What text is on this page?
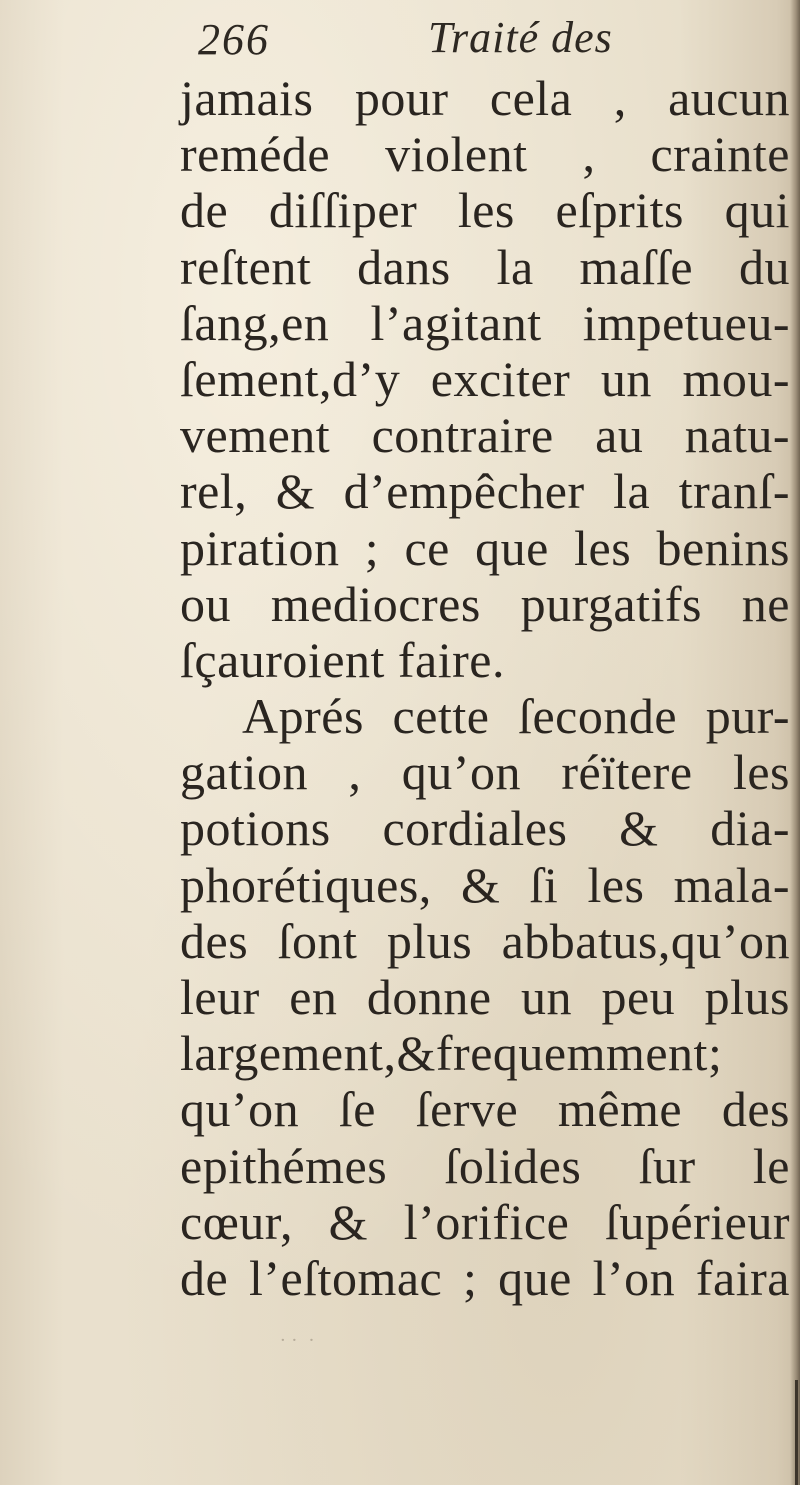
266	Traité des
jamais pour cela , aucun
reméde violent , crainte
de diſſiper les eſprits qui
reſtent dans la maſſe du
ſang,en l’agitant impetueu-
ſement,d’y exciter un mou-
vement contraire au natu-
rel, & d’empêcher la tranſ-
piration ; ce que les benins
ou mediocres purgatifs ne
ſçauroient faire.
Aprés cette ſeconde pur-
gation , qu’on réïtere les
potions cordiales & dia-
phorétiques, & ſi les mala-
des ſont plus abbatus,qu’on
leur en donne un peu plus
largement,&frequemment;
qu’on ſe ſerve même des
epithémes ſolides ſur le
cœur, & l’orifice ſupérieur
de l’eſtomac ; que l’on faira
· ·  ·
